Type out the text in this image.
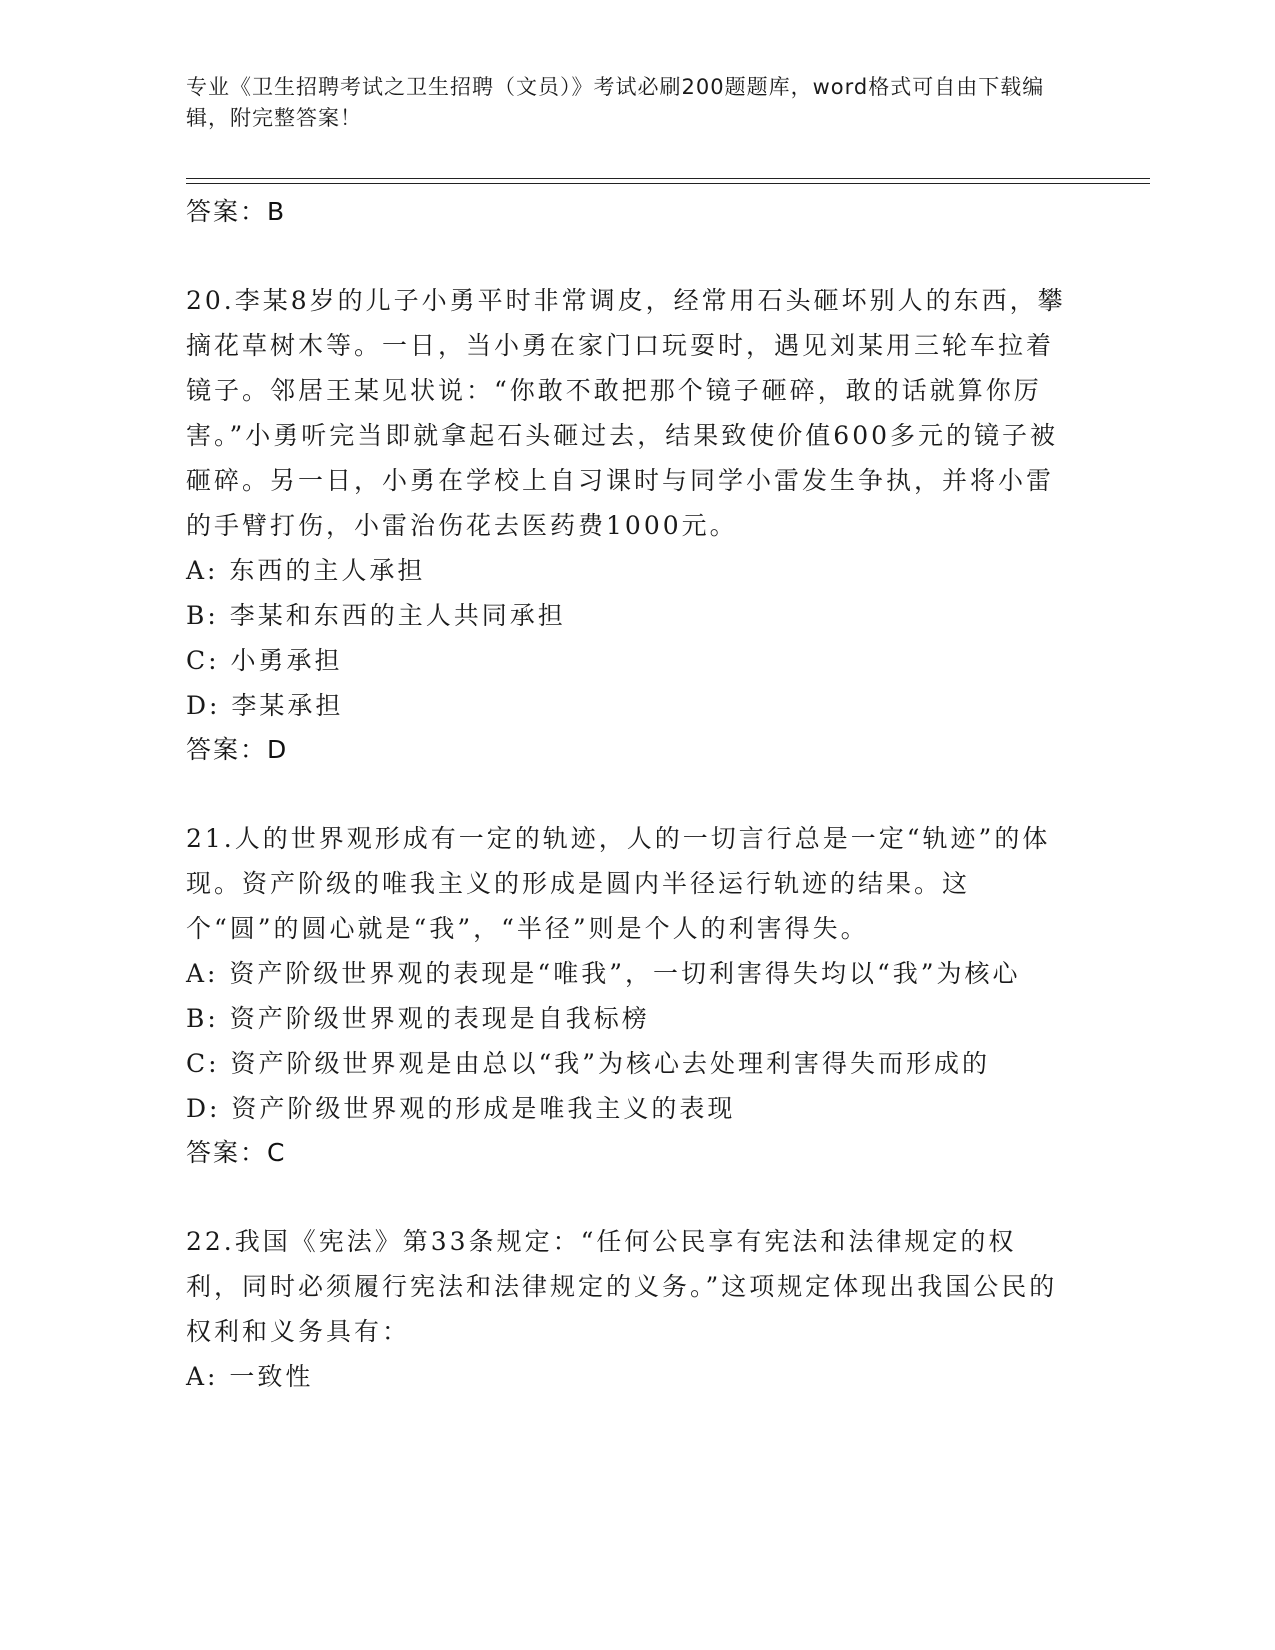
专业《卫生招聘考试之卫生招聘（文员）》考试必刷200题题库，word格式可自由下载编辑，附完整答案！
答案：B

20.李某8岁的儿子小勇平时非常调皮，经常用石头砸坏别人的东西，攀摘花草树木等。一日，当小勇在家门口玩耍时，遇见刘某用三轮车拉着镜子。邻居王某见状说：“你敢不敢把那个镜子砸碎，敢的话就算你厉害。”小勇听完当即就拿起石头砸过去，结果致使价值600多元的镜子被砸碎。另一日，小勇在学校上自习课时与同学小雷发生争执，并将小雷的手臂打伤，小雷治伤花去医药费1000元。

A: 东西的主人承担

B: 李某和东西的主人共同承担

C: 小勇承担

D: 李某承担

答案：D

21.人的世界观形成有一定的轨迹，人的一切言行总是一定“轨迹”的体现。资产阶级的唯我主义的形成是圆内半径运行轨迹的结果。这个“圆”的圆心就是“我”，“半径”则是个人的利害得失。

A: 资产阶级世界观的表现是“唯我”，一切利害得失均以“我”为核心

B: 资产阶级世界观的表现是自我标榜

C: 资产阶级世界观是由总以“我”为核心去处理利害得失而形成的

D: 资产阶级世界观的形成是唯我主义的表现

答案：C

22.我国《宪法》第33条规定：“任何公民享有宪法和法律规定的权利，同时必须履行宪法和法律规定的义务。”这项规定体现出我国公民的权利和义务具有：

A: 一致性
